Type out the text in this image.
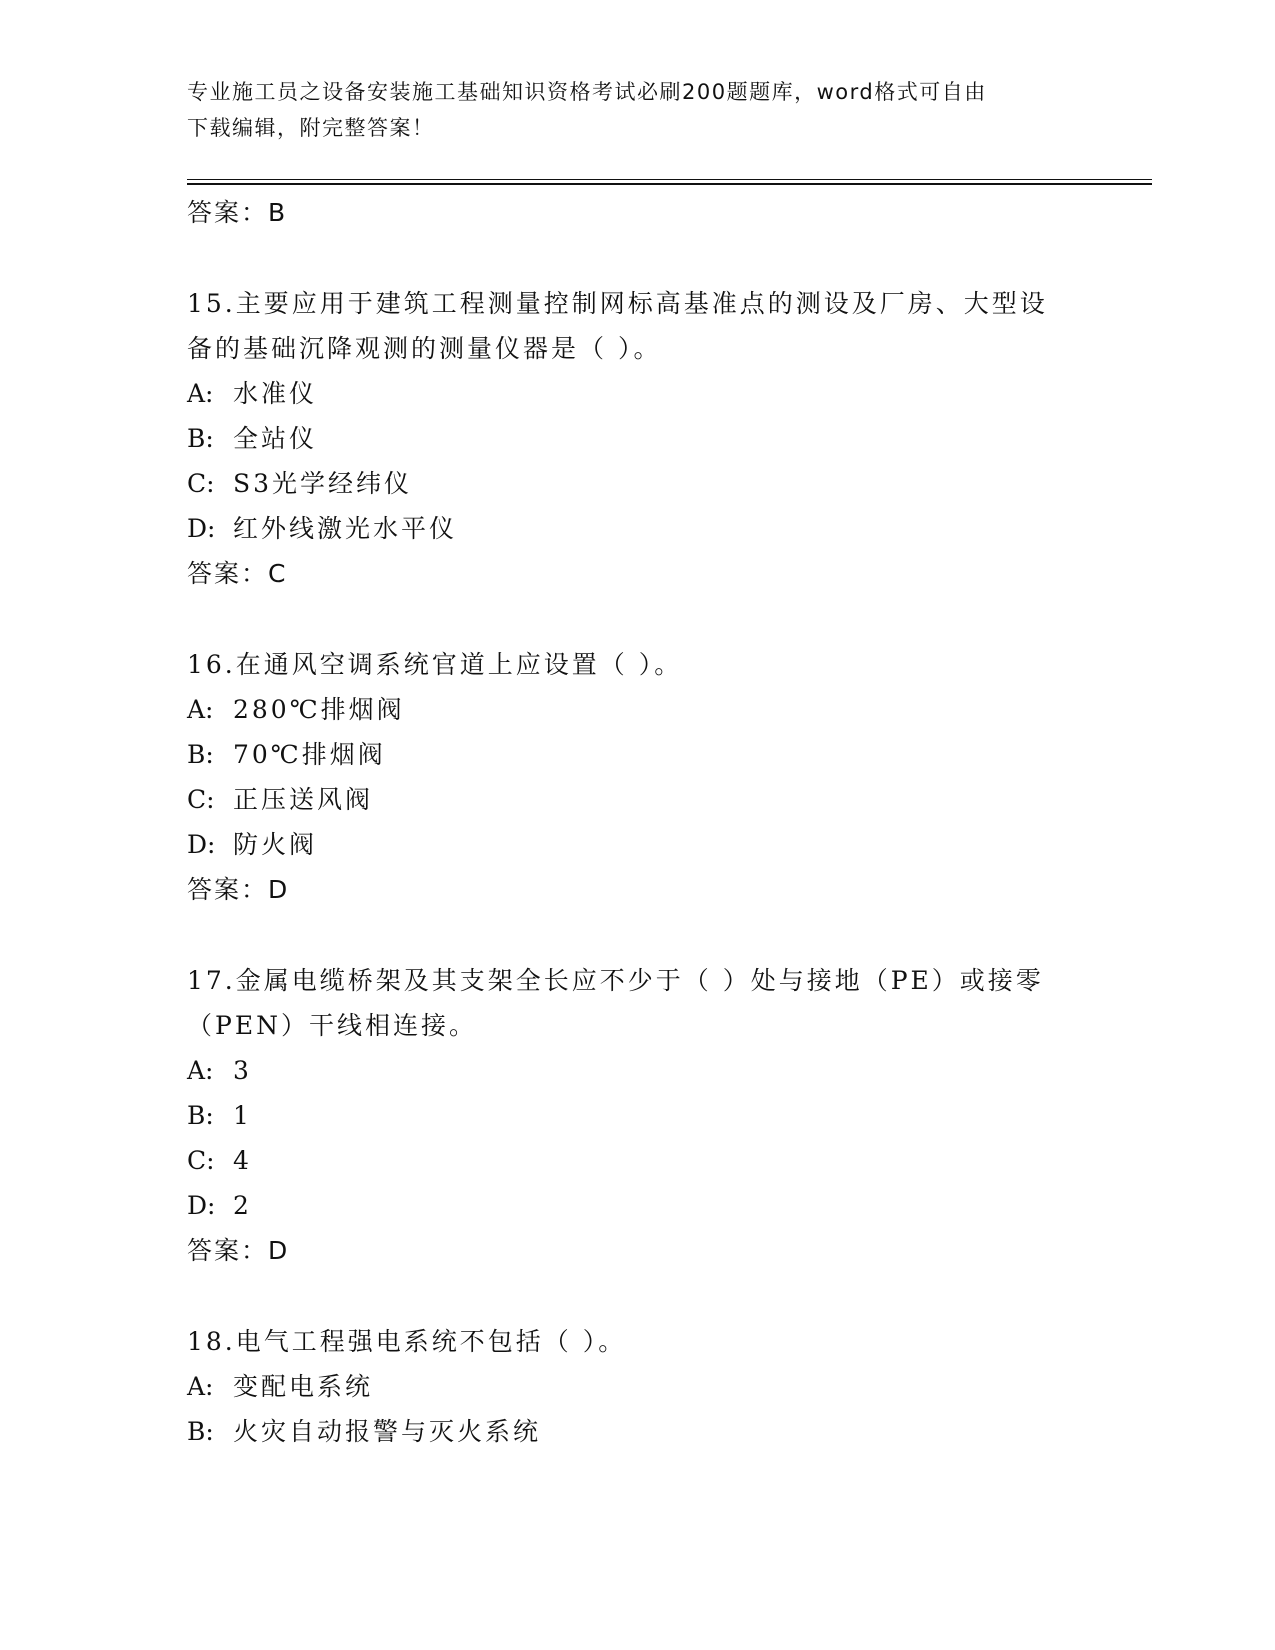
专业施工员之设备安装施工基础知识资格考试必刷200题题库，word格式可自由
下载编辑，附完整答案！
答案：B
15.主要应用于建筑工程测量控制网标高基准点的测设及厂房、大型设
备的基础沉降观测的测量仪器是（ ）。
A: 水准仪
B: 全站仪
C: S3光学经纬仪
D: 红外线激光水平仪
答案：C
16.在通风空调系统官道上应设置（ ）。
A: 280℃排烟阀
B: 70℃排烟阀
C: 正压送风阀
D: 防火阀
答案：D
17.金属电缆桥架及其支架全长应不少于（ ）处与接地（PE）或接零
（PEN）干线相连接。
A: 3
B: 1
C: 4
D: 2
答案：D
18.电气工程强电系统不包括（ ）。
A: 变配电系统
B: 火灾自动报警与灭火系统
